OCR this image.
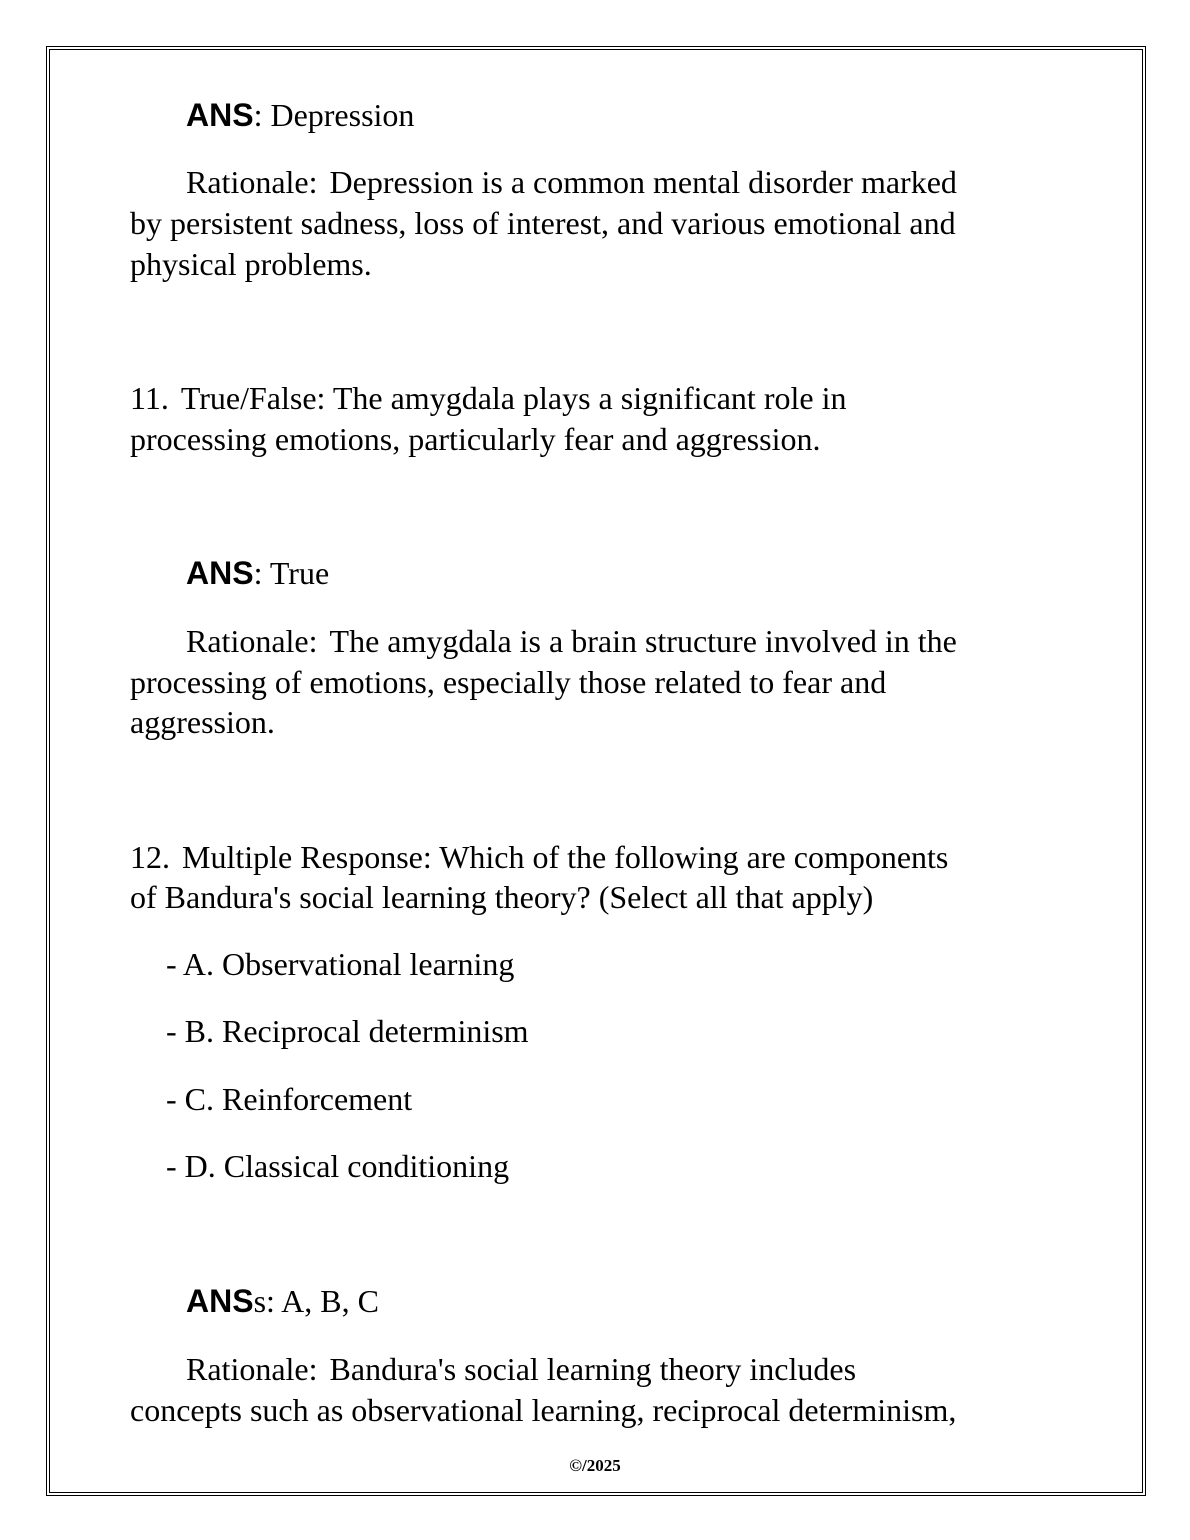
ANS: Depression
Rationale: Depression is a common mental disorder marked
by persistent sadness, loss of interest, and various emotional and
physical problems.
11. True/False: The amygdala plays a significant role in
processing emotions, particularly fear and aggression.
ANS: True
Rationale: The amygdala is a brain structure involved in the
processing of emotions, especially those related to fear and
aggression.
12. Multiple Response: Which of the following are components
of Bandura's social learning theory? (Select all that apply)
- A. Observational learning
- B. Reciprocal determinism
- C. Reinforcement
- D. Classical conditioning
ANSs: A, B, C
Rationale: Bandura's social learning theory includes
concepts such as observational learning, reciprocal determinism,
©/2025
